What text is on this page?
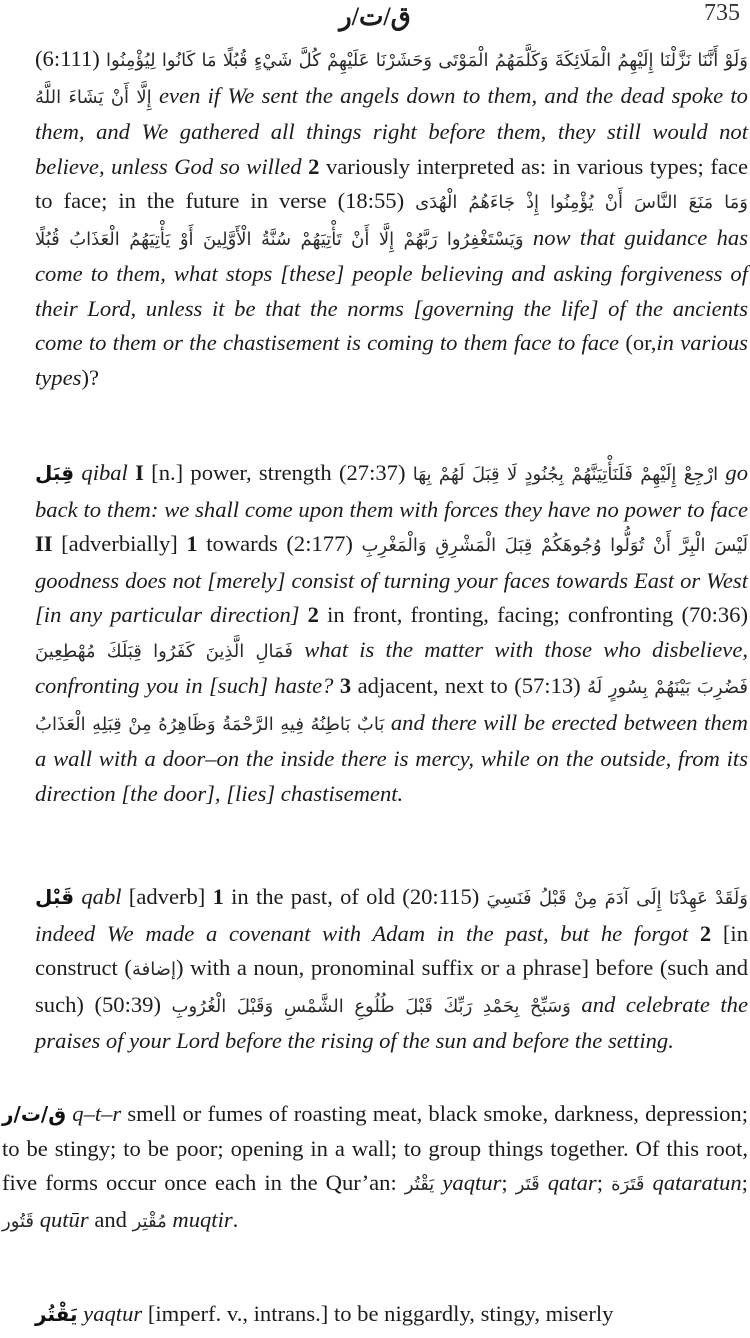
ق/ت/ر	735
(6:111) وَلَوْ أَنَّنَا نَزَّلْنَا إِلَيْهِمُ الْمَلَائِكَةَ وَكَلَّمَهُمُ الْمَوْتَى وَحَشَرْنَا عَلَيْهِمْ كُلَّ شَيْءٍ قُبُلًا مَا كَانُوا لِيُؤْمِنُوا إِلَّا أَنْ يَشَاءَ اللَّهُ even if We sent the angels down to them, and the dead spoke to them, and We gathered all things right before them, they still would not believe, unless God so willed 2 variously interpreted as: in various types; face to face; in the future in verse (18:55) وَمَا مَنَعَ النَّاسَ أَنْ يُؤْمِنُوا إِذْ جَاءَهُمُ الْهُدَى وَيَسْتَغْفِرُوا رَبَّهُمْ إِلَّا أَنْ تَأْتِيَهُمْ سُنَّةُ الْأَوَّلِينَ أَوْ يَأْتِيَهُمُ الْعَذَابُ قُبُلًا now that guidance has come to them, what stops [these] people believing and asking forgiveness of their Lord, unless it be that the norms [governing the life] of the ancients come to them or the chastisement is coming to them face to face (or,in various types)?
قِبَل qibal I [n.] power, strength (27:37) ارْجِعْ إِلَيْهِمْ فَلَنَأْتِيَنَّهُمْ بِجُنُودٍ لَا قِبَلَ لَهُمْ بِهَا go back to them: we shall come upon them with forces they have no power to face II [adverbially] 1 towards (2:177) لَيْسَ الْبِرَّ أَنْ تُوَلُّوا وُجُوهَكُمْ قِبَلَ الْمَشْرِقِ وَالْمَغْرِبِ goodness does not [merely] consist of turning your faces towards East or West [in any particular direction] 2 in front, fronting, facing; confronting (70:36) فَمَالِ الَّذِينَ كَفَرُوا قِبَلَكَ مُهْطِعِينَ what is the matter with those who disbelieve, confronting you in [such] haste? 3 adjacent, next to (57:13) فَضُرِبَ بَيْنَهُمْ بِسُورٍ لَهُ بَابٌ بَاطِنُهُ فِيهِ الرَّحْمَةُ وَظَاهِرُهُ مِنْ قِبَلِهِ الْعَذَابُ and there will be erected between them a wall with a door–on the inside there is mercy, while on the outside, from its direction [the door], [lies] chastisement.
قَبْل qabl [adverb] 1 in the past, of old (20:115) وَلَقَدْ عَهِدْنَا إِلَى آدَمَ مِنْ قَبْلُ فَنَسِيَ indeed We made a covenant with Adam in the past, but he forgot 2 [in construct (إضافة) with a noun, pronominal suffix or a phrase] before (such and such) (50:39) وَسَبِّحْ بِحَمْدِ رَبِّكَ قَبْلَ طُلُوعِ الشَّمْسِ وَقَبْلَ الْغُرُوبِ and celebrate the praises of your Lord before the rising of the sun and before the setting.
ق/ت/ر q–t–r smell or fumes of roasting meat, black smoke, darkness, depression; to be stingy; to be poor; opening in a wall; to group things together. Of this root, five forms occur once each in the Qur’an: يَقْتُر yaqtur; قَتَر qatar; قَتَرَة qataratun; قَتُور qutūr and مُقْتِر muqtir.
يَقْتُر yaqtur [imperf. v., intrans.] to be niggardly, stingy, miserly
